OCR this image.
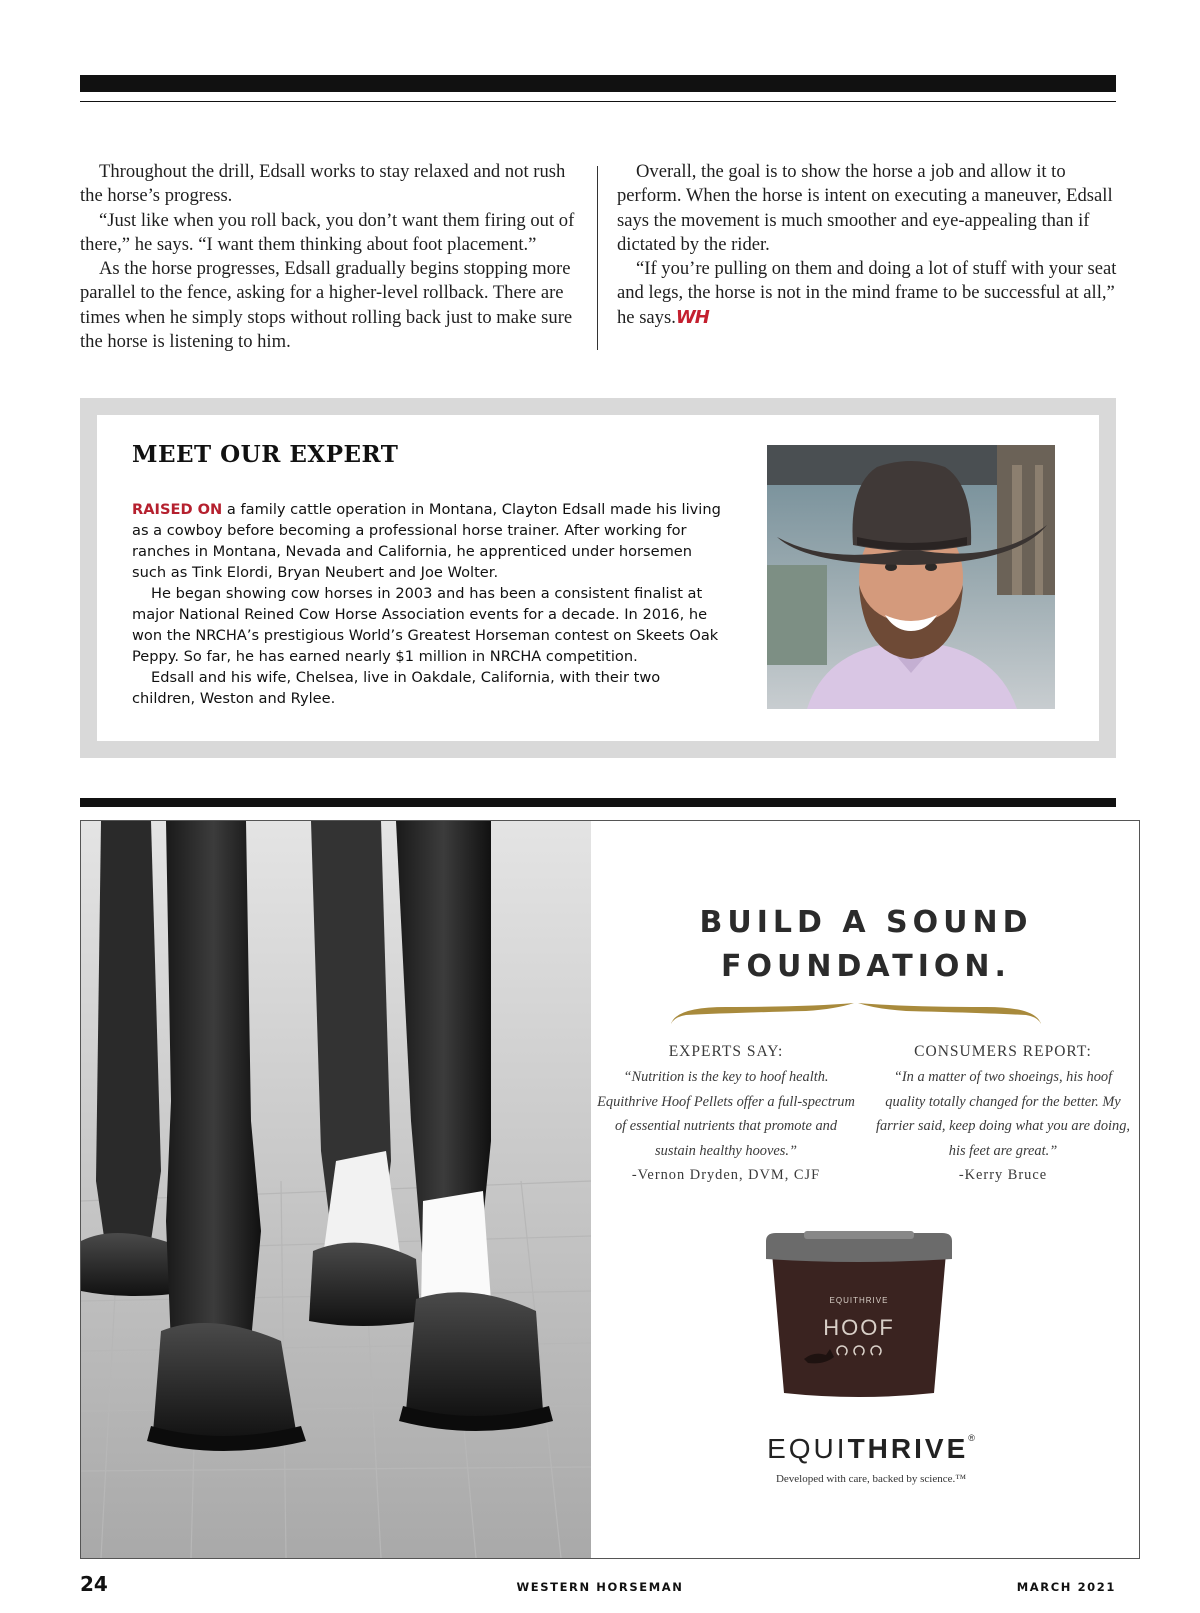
Throughout the drill, Edsall works to stay relaxed and not rush the horse’s progress.

“Just like when you roll back, you don’t want them firing out of there,” he says. “I want them thinking about foot placement.”

As the horse progresses, Edsall gradually begins stopping more parallel to the fence, asking for a higher-level rollback. There are times when he simply stops without rolling back just to make sure the horse is listening to him.

Overall, the goal is to show the horse a job and allow it to perform. When the horse is intent on executing a maneuver, Edsall says the movement is much smoother and eye-appealing than if dictated by the rider.

“If you’re pulling on them and doing a lot of stuff with your seat and legs, the horse is not in the mind frame to be successful at all,” he says.WH

MEET OUR EXPERT

RAISED ON a family cattle operation in Montana, Clayton Edsall made his living as a cowboy before becoming a professional horse trainer. After working for ranches in Montana, Nevada and California, he apprenticed under horsemen such as Tink Elordi, Bryan Neubert and Joe Wolter.

He began showing cow horses in 2003 and has been a consistent finalist at major National Reined Cow Horse Association events for a decade. In 2016, he won the NRCHA’s prestigious World’s Greatest Horseman contest on Skeets Oak Peppy. So far, he has earned nearly $1 million in NRCHA competition.

Edsall and his wife, Chelsea, live in Oakdale, California, with their two children, Weston and Rylee.

BUILD A SOUND
FOUNDATION.
EXPERTS SAY:
“Nutrition is the key to hoof health. Equithrive Hoof Pellets offer a full-spectrum of essential nutrients that promote and sustain healthy hooves.”
-Vernon Dryden, DVM, CJF
CONSUMERS REPORT:
“In a matter of two shoeings, his hoof quality totally changed for the better. My farrier said, keep doing what you are doing, his feet are great.”
-Kerry Bruce
EQUITHRIVE
HOOF
EQUITHRIVE®
Developed with care, backed by science.™
24	WESTERN HORSEMAN	MARCH 2021
